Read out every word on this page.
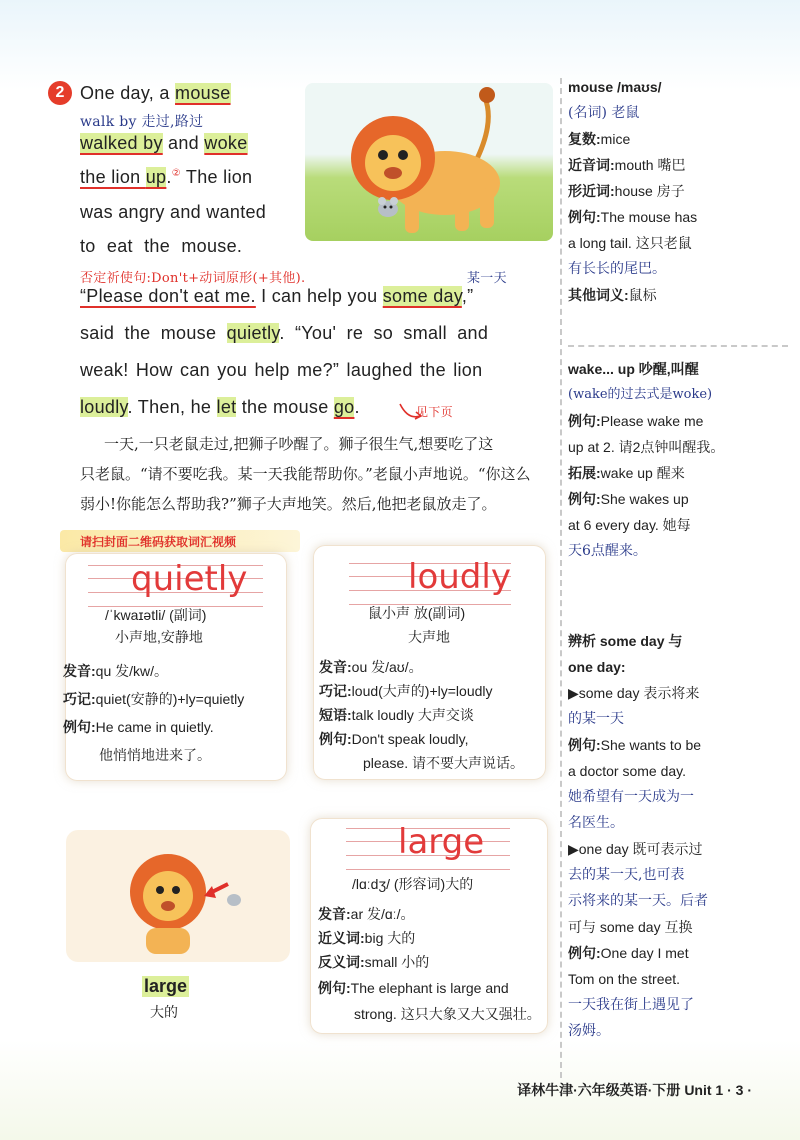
2 One day, a mouse
walk by 走过,路过
walked by and woke
the lion up.② The lion
was angry and wanted
to eat the mouse.
否定祈使句:Don't+动词原形(+其他).	某一天
“Please don't eat me. I can help you some day,”
said the mouse quietly. “You' re so small and
weak! How can you help me?” laughed the lion
loudly. Then, he let the mouse go.	见下页
一天,一只老鼠走过,把狮子吵醒了。狮子很生气,想要吃了这
只老鼠。“请不要吃我。某一天我能帮助你。”老鼠小声地说。“你这么
弱小!你能怎么帮助我?”狮子大声地笑。然后,他把老鼠放走了。
请扫封面二维码获取词汇视频
quietly
/ˈkwaɪətli/ (副词)
小声地,安静地
发音:qu 发/kw/。
巧记:quiet(安静的)+ly=quietly
例句:He came in quietly.
他悄悄地进来了。
loudly
鼠小声 放(副词)
大声地
发音:ou 发/aʊ/。
巧记:loud(大声的)+ly=loudly
短语:talk loudly 大声交谈
例句:Don't speak loudly,
please. 请不要大声说话。
large
大的
large
/lɑːdʒ/ (形容词)大的
发音:ar 发/ɑː/。
近义词:big 大的
反义词:small 小的
例句:The elephant is large and
strong. 这只大象又大又强壮。
mouse /maʊs/
(名词) 老鼠
复数:mice
近音词:mouth 嘴巴
形近词:house 房子
例句:The mouse has
a long tail. 这只老鼠
有长长的尾巴。
其他词义:鼠标
wake... up 吵醒,叫醒
(wake的过去式是woke)
例句:Please wake me
up at 2. 请2点钟叫醒我。
拓展:wake up 醒来
例句:She wakes up
at 6 every day. 她每
天6点醒来。
辨析 some day 与
one day:
▶some day 表示将来
的某一天
例句:She wants to be
a doctor some day.
她希望有一天成为一
名医生。
▶one day 既可表示过
去的某一天,也可表
示将来的某一天。后者
可与 some day 互换
例句:One day I met
Tom on the street.
一天我在街上遇见了
汤姆。
译林牛津·六年级英语·下册 Unit 1 · 3 ·
